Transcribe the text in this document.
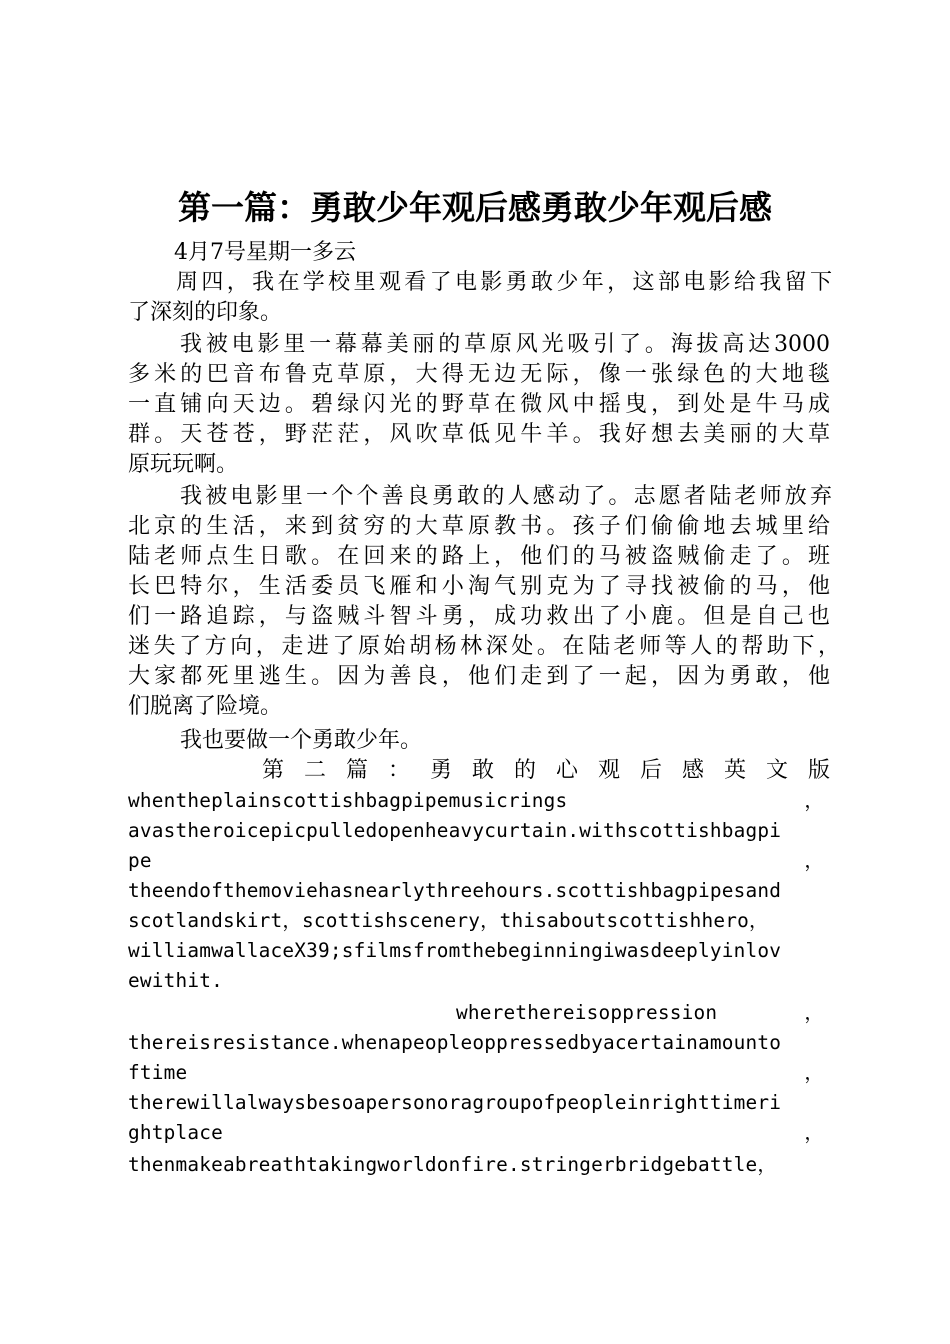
第一篇：勇敢少年观后感勇敢少年观后感
4月7号星期一多云
周四，我在学校里观看了电影勇敢少年，这部电影给我留下
了深刻的印象。
我被电影里一幕幕美丽的草原风光吸引了。海拔高达3000
多米的巴音布鲁克草原，大得无边无际，像一张绿色的大地毯
一直铺向天边。碧绿闪光的野草在微风中摇曳，到处是牛马成
群。天苍苍，野茫茫，风吹草低见牛羊。我好想去美丽的大草
原玩玩啊。
我被电影里一个个善良勇敢的人感动了。志愿者陆老师放弃
北京的生活，来到贫穷的大草原教书。孩子们偷偷地去城里给
陆老师点生日歌。在回来的路上，他们的马被盗贼偷走了。班
长巴特尔，生活委员飞雁和小淘气别克为了寻找被偷的马，他
们一路追踪，与盗贼斗智斗勇，成功救出了小鹿。但是自己也
迷失了方向，走进了原始胡杨林深处。在陆老师等人的帮助下，
大家都死里逃生。因为善良，他们走到了一起，因为勇敢，他
们脱离了险境。
我也要做一个勇敢少年。
第二篇：勇敢的心观后感英文版
whentheplainscottishbagpipemusicrings	，
avastheroicepicpulledopenheavycurtain.withscottishbagpi
pe	，
theendofthemoviehasnearlythreehours.scottishbagpipesand
scotlandskirt，scottishscenery，thisaboutscottishhero，
williamwallaceX39;sfilmsfromthebeginningiwasdeeplyinlov
ewithit.
wherethereisoppression	，
thereisresistance.whenapeopleoppressedbyacertainamounto
ftime	，
therewillalwaysbesoapersonoragroupofpeopleinrighttimeri
ghtplace	，
thenmakeabreathtakingworldonfire.stringerbridgebattle，
